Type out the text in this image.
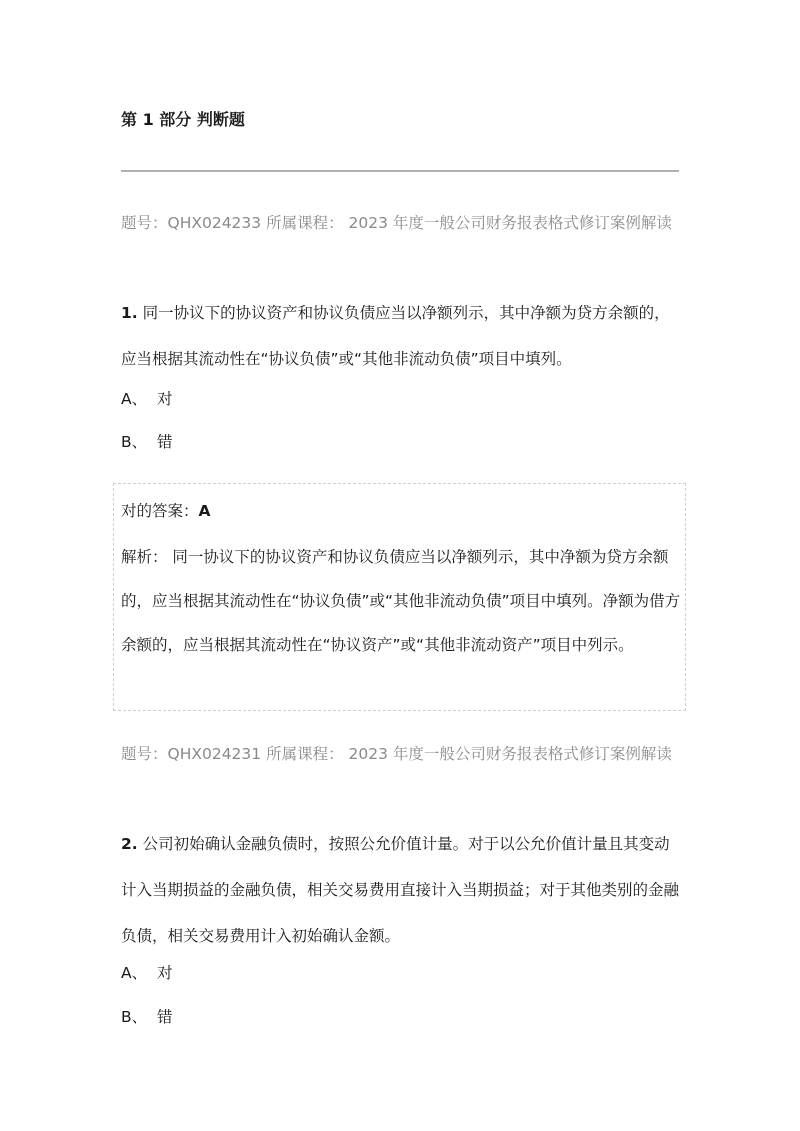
第 1 部分 判断题
题号：QHX024233 所属课程： 2023 年度一般公司财务报表格式修订案例解读
1. 同一协议下的协议资产和协议负债应当以净额列示，其中净额为贷方余额的，应当根据其流动性在“协议负债”或“其他非流动负债”项目中填列。
A、 对
B、 错
对的答案：A
解析： 同一协议下的协议资产和协议负债应当以净额列示，其中净额为贷方余额的，应当根据其流动性在“协议负债”或“其他非流动负债”项目中填列。净额为借方余额的，应当根据其流动性在“协议资产”或“其他非流动资产”项目中列示。
题号：QHX024231 所属课程： 2023 年度一般公司财务报表格式修订案例解读
2. 公司初始确认金融负债时，按照公允价值计量。对于以公允价值计量且其变动计入当期损益的金融负债，相关交易费用直接计入当期损益；对于其他类别的金融负债，相关交易费用计入初始确认金额。
A、 对
B、 错
